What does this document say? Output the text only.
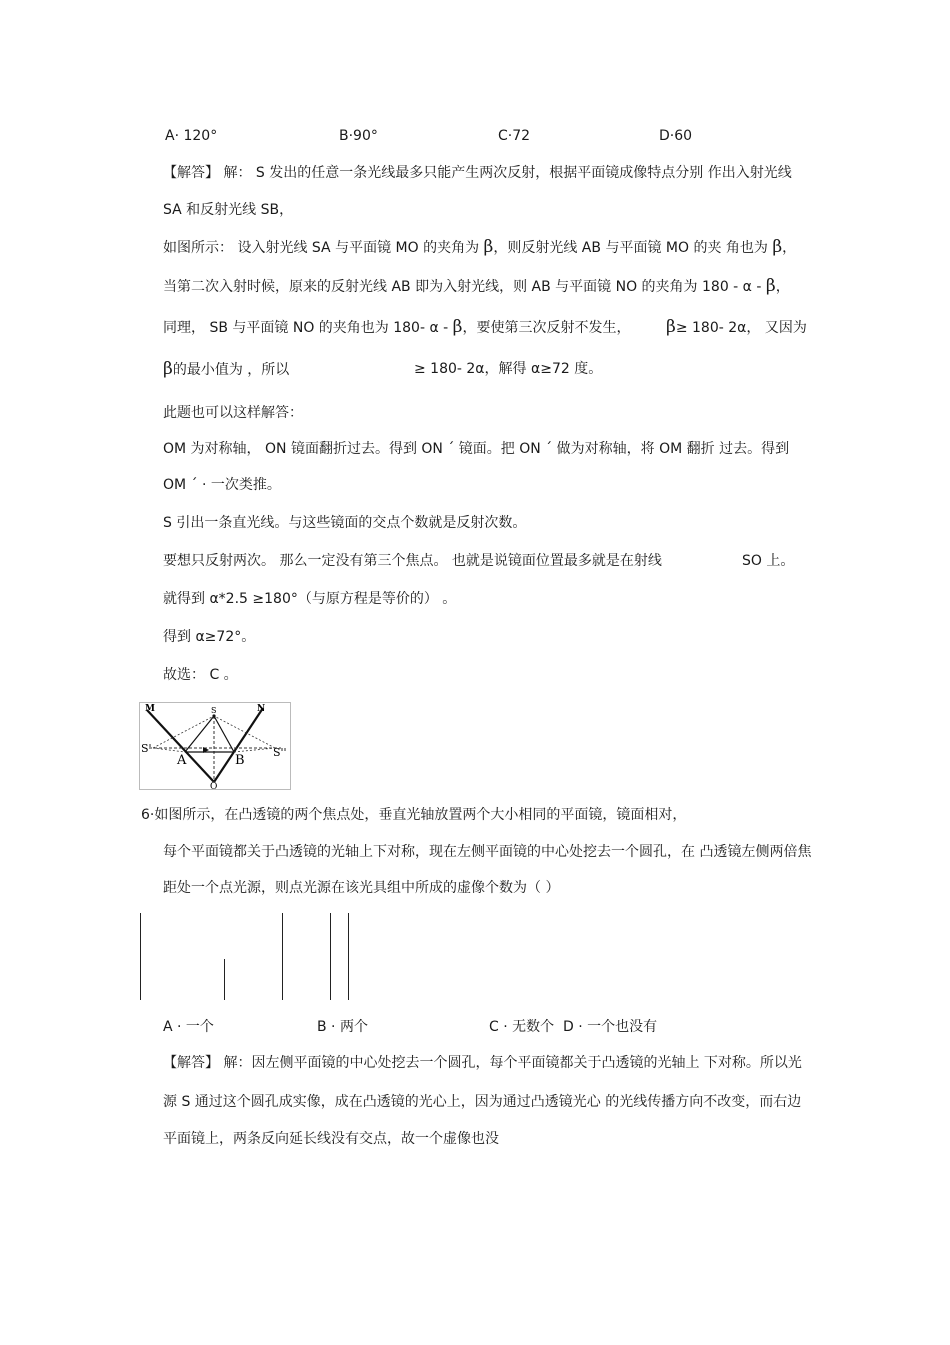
A· 120°	B·90°	C·72	D·60
【解答】 解： S 发出的任意一条光线最多只能产生两次反射，根据平面镜成像特点分别 作出入射光线
SA 和反射光线 SB，
如图所示： 设入射光线 SA 与平面镜 MO 的夹角为 β，则反射光线 AB 与平面镜 MO 的夹 角也为 β，
当第二次入射时候，原来的反射光线 AB 即为入射光线，则 AB 与平面镜 NO 的夹角为 180 - α - β，
同理， SB 与平面镜 NO 的夹角也为 180- α - β，要使第三次反射不发生， β≥ 180- 2α， 又因为
β的最小值为 ，所以	≥ 180- 2α，解得 α≥72 度。
此题也可以这样解答：
OM 为对称轴， ON 镜面翻折过去。得到 ON ´ 镜面。把 ON ´ 做为对称轴，将 OM 翻折 过去。得到
OM ´ · 一次类推。
S 引出一条直光线。与这些镜面的交点个数就是反射次数。
要想只反射两次。 那么一定没有第三个焦点。 也就是说镜面位置最多就是在射线	SO 上。
就得到 α*2.5 ≥180°（与原方程是等价的） 。
得到 α≥72°。
故选： C 。
M	N
S
S'	S''
A	B
O
6·如图所示，在凸透镜的两个焦点处，垂直光轴放置两个大小相同的平面镜，镜面相对，
每个平面镜都关于凸透镜的光轴上下对称，现在左侧平面镜的中心处挖去一个圆孔，在 凸透镜左侧两倍焦
距处一个点光源，则点光源在该光具组中所成的虚像个数为（ ）
A · 一个	B · 两个	C · 无数个 D · 一个也没有
【解答】 解：因左侧平面镜的中心处挖去一个圆孔，每个平面镜都关于凸透镜的光轴上 下对称。所以光
源 S 通过这个圆孔成实像，成在凸透镜的光心上，因为通过凸透镜光心 的光线传播方向不改变，而右边
平面镜上，两条反向延长线没有交点，故一个虚像也没
